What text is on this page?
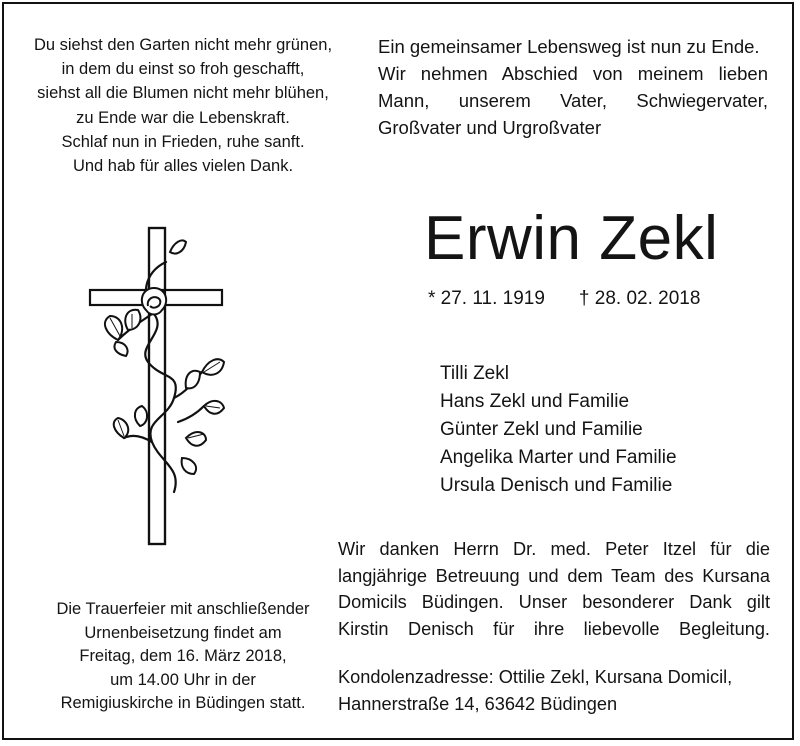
Du siehst den Garten nicht mehr grünen,
in dem du einst so froh geschafft,
siehst all die Blumen nicht mehr blühen,
zu Ende war die Lebenskraft.
Schlaf nun in Frieden, ruhe sanft.
Und hab für alles vielen Dank.
Ein gemeinsamer Lebensweg ist nun zu Ende.
Wir nehmen Abschied von meinem lieben
Mann, unserem Vater, Schwiegervater,
Großvater und Urgroßvater
Erwin Zekl
* 27. 11. 1919 † 28. 02. 2018
Tilli Zekl
Hans Zekl und Familie
Günter Zekl und Familie
Angelika Marter und Familie
Ursula Denisch und Familie
Die Trauerfeier mit anschließender
Urnenbeisetzung findet am
Freitag, dem 16. März 2018,
um 14.00 Uhr in der
Remigiuskirche in Büdingen statt.
Wir danken Herrn Dr. med. Peter Itzel für die
langjährige Betreuung und dem Team des Kursana
Domicils Büdingen. Unser besonderer Dank gilt
Kirstin Denisch für ihre liebevolle Begleitung.
Kondolenzadresse: Ottilie Zekl, Kursana Domicil,
Hannerstraße 14, 63642 Büdingen
